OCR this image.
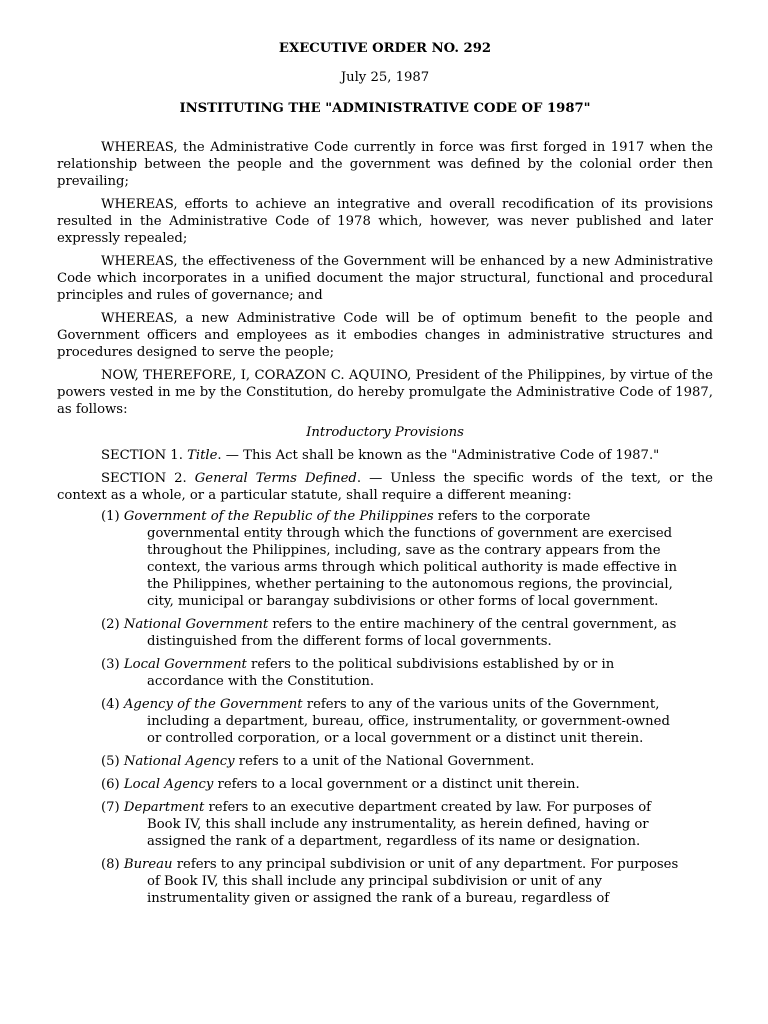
EXECUTIVE ORDER NO. 292

July 25, 1987

INSTITUTING THE "ADMINISTRATIVE CODE OF 1987"

WHEREAS, the Administrative Code currently in force was first forged in 1917 when the relationship between the people and the government was defined by the colonial order then prevailing;

WHEREAS, efforts to achieve an integrative and overall recodification of its provisions resulted in the Administrative Code of 1978 which, however, was never published and later expressly repealed;

WHEREAS, the effectiveness of the Government will be enhanced by a new Administrative Code which incorporates in a unified document the major structural, functional and procedural principles and rules of governance; and

WHEREAS, a new Administrative Code will be of optimum benefit to the people and Government officers and employees as it embodies changes in administrative structures and procedures designed to serve the people;

NOW, THEREFORE, I, CORAZON C. AQUINO, President of the Philippines, by virtue of the powers vested in me by the Constitution, do hereby promulgate the Administrative Code of 1987, as follows:

Introductory Provisions

SECTION 1. Title. — This Act shall be known as the "Administrative Code of 1987."

SECTION 2. General Terms Defined. — Unless the specific words of the text, or the context as a whole, or a particular statute, shall require a different meaning:

(1) Government of the Republic of the Philippines refers to the corporate governmental entity through which the functions of government are exercised throughout the Philippines, including, save as the contrary appears from the context, the various arms through which political authority is made effective in the Philippines, whether pertaining to the autonomous regions, the provincial, city, municipal or barangay subdivisions or other forms of local government.

(2) National Government refers to the entire machinery of the central government, as distinguished from the different forms of local governments.

(3) Local Government refers to the political subdivisions established by or in accordance with the Constitution.

(4) Agency of the Government refers to any of the various units of the Government, including a department, bureau, office, instrumentality, or government-owned or controlled corporation, or a local government or a distinct unit therein.

(5) National Agency refers to a unit of the National Government.

(6) Local Agency refers to a local government or a distinct unit therein.

(7) Department refers to an executive department created by law. For purposes of Book IV, this shall include any instrumentality, as herein defined, having or assigned the rank of a department, regardless of its name or designation.

(8) Bureau refers to any principal subdivision or unit of any department. For purposes of Book IV, this shall include any principal subdivision or unit of any instrumentality given or assigned the rank of a bureau, regardless of
